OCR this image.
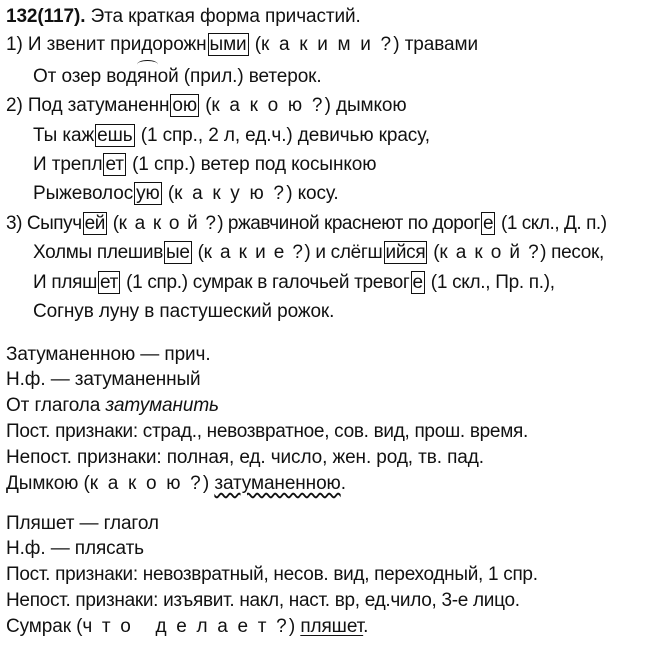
132(117). Эта краткая форма причастий.
1) И звенит придорожн ыми (к а к и м и ?) травами
От озер водяной (прил.) ветерок.
2) Под затуманенн ою (к а к о ю ?) дымкою
Ты каж ешь (1 спр., 2 л, ед.ч.) девичью красу,
И трепл ет (1 спр.) ветер под косынкою
Рыжеволос ую (к а к у ю ?) косу.
3) Сыпуч ей (к а к о й ?) ржавчиной краснеют по дорог е (1 скл., Д. п.)
Холмы плешив ые (к а к и е ?) и слёгш ийся (к а к о й ?) песок,
И пляш ет (1 спр.) сумрак в галочьей тревог е (1 скл., Пр. п.),
Согнув луну в пастушеский рожок.
Затуманенною — прич.
Н.ф. — затуманенный
От глагола затуманить
Пост. признаки: страд., невозвратное, сов. вид, прош. время.
Непост. признаки: полная, ед. число, жен. род, тв. пад.
Дымкою (к а к о ю ?) затуманенною.
Пляшет — глагол
Н.ф. — плясать
Пост. признаки: невозвратный, несов. вид, переходный, 1 спр.
Непост. признаки: изъявит. накл, наст. вр, ед.чило, 3-е лицо.
Сумрак (ч т о   д е л а е т ?) пляшет.
